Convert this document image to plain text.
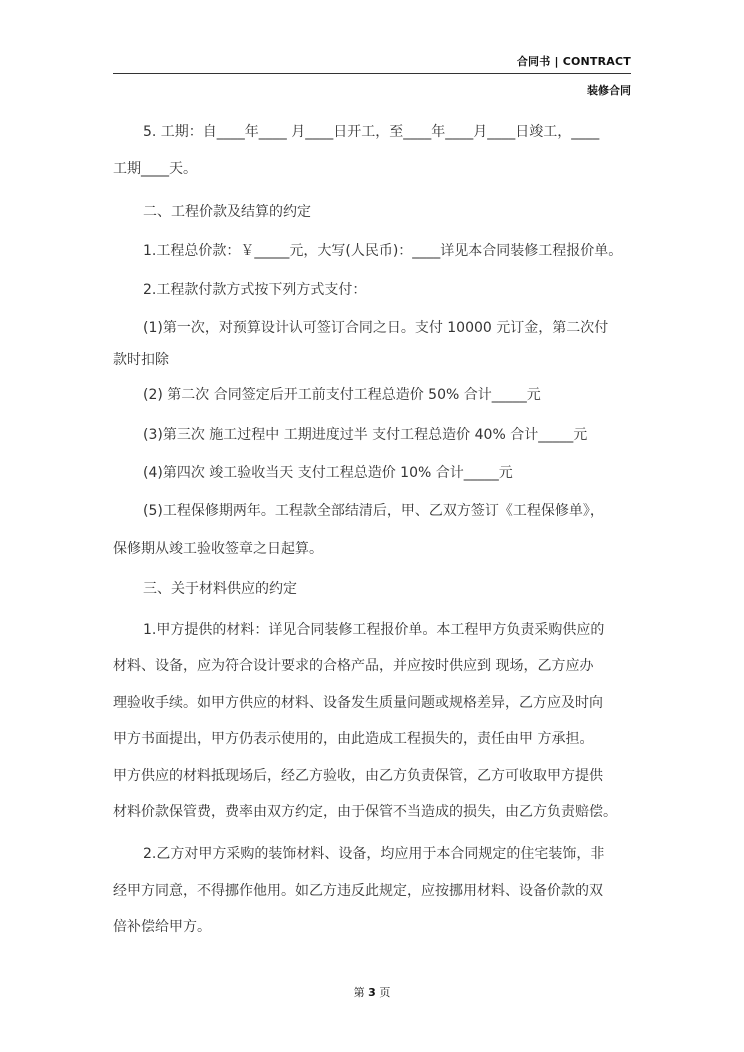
合同书 | CONTRACT
装修合同
5. 工期：自____年____ 月____日开工，至____年____月____日竣工，____
工期____天。
二、工程价款及结算的约定
1.工程总价款：￥_____元，大写(人民币)：____详见本合同装修工程报价单。
2.工程款付款方式按下列方式支付：
(1)第一次，对预算设计认可签订合同之日。支付 10000 元订金，第二次付
款时扣除
(2) 第二次 合同签定后开工前支付工程总造价 50% 合计_____元
(3)第三次 施工过程中 工期进度过半 支付工程总造价 40% 合计_____元
(4)第四次 竣工验收当天 支付工程总造价 10% 合计_____元
(5)工程保修期两年。工程款全部结清后，甲、乙双方签订《工程保修单》，
保修期从竣工验收签章之日起算。
三、关于材料供应的约定
1.甲方提供的材料：详见合同装修工程报价单。本工程甲方负责采购供应的
材料、设备，应为符合设计要求的合格产品，并应按时供应到 现场，乙方应办
理验收手续。如甲方供应的材料、设备发生质量问题或规格差异，乙方应及时向
甲方书面提出，甲方仍表示使用的，由此造成工程损失的，责任由甲 方承担。
甲方供应的材料抵现场后，经乙方验收，由乙方负责保管，乙方可收取甲方提供
材料价款保管费，费率由双方约定，由于保管不当造成的损失，由乙方负责赔偿。
2.乙方对甲方采购的装饰材料、设备，均应用于本合同规定的住宅装饰，非
经甲方同意，不得挪作他用。如乙方违反此规定，应按挪用材料、设备价款的双
倍补偿给甲方。
第 3 页
